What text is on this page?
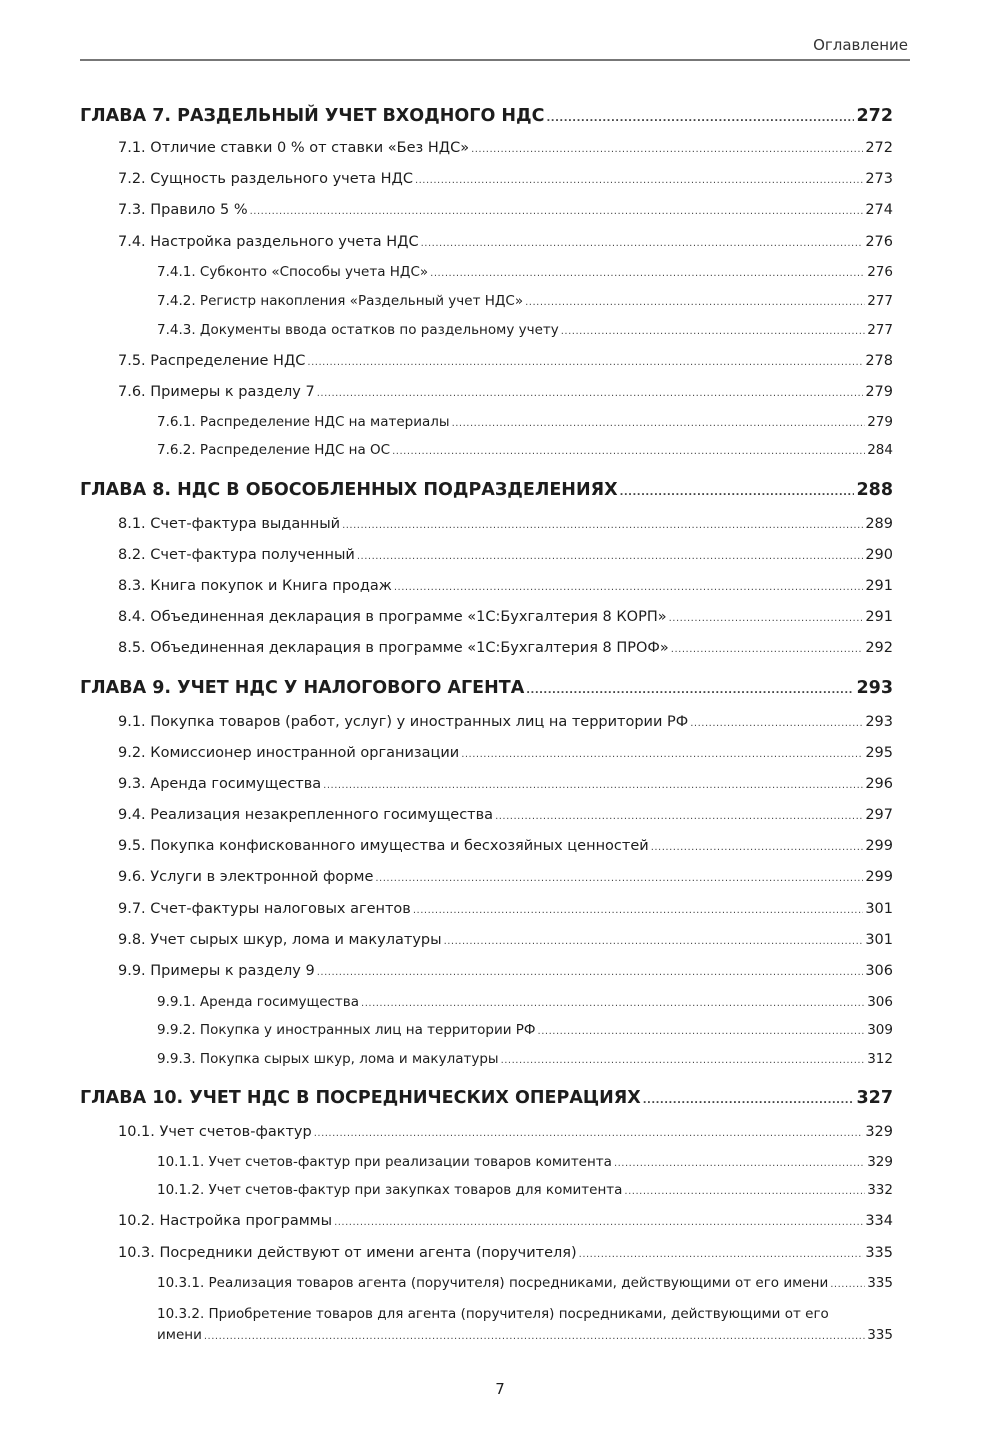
Оглавление
ГЛАВА 7. РАЗДЕЛЬНЫЙ УЧЕТ ВХОДНОГО НДС .....	272
7.1. Отличие ставки 0 % от ставки «Без НДС» .....	272
7.2. Сущность раздельного учета НДС .....	273
7.3. Правило 5 % .....	274
7.4. Настройка раздельного учета НДС .....	276
7.4.1. Субконто «Способы учета НДС» .....	276
7.4.2. Регистр накопления «Раздельный учет НДС» .....	277
7.4.3. Документы ввода остатков по раздельному учету .....	277
7.5. Распределение НДС .....	278
7.6. Примеры к разделу 7 .....	279
7.6.1. Распределение НДС на материалы .....	279
7.6.2. Распределение НДС на ОС .....	284
ГЛАВА 8. НДС В ОБОСОБЛЕННЫХ ПОДРАЗДЕЛЕНИЯХ .....	288
8.1. Счет-фактура выданный .....	289
8.2. Счет-фактура полученный .....	290
8.3. Книга покупок и Книга продаж .....	291
8.4. Объединенная декларация в программе «1С:Бухгалтерия 8 КОРП» .....	291
8.5. Объединенная декларация в программе «1С:Бухгалтерия 8 ПРОФ» .....	292
ГЛАВА 9. УЧЕТ НДС У НАЛОГОВОГО АГЕНТА .....	293
9.1. Покупка товаров (работ, услуг) у иностранных лиц на территории РФ .....	293
9.2. Комиссионер иностранной организации .....	295
9.3. Аренда госимущества .....	296
9.4. Реализация незакрепленного госимущества .....	297
9.5. Покупка конфискованного имущества и бесхозяйных ценностей .....	299
9.6. Услуги в электронной форме .....	299
9.7. Счет-фактуры налоговых агентов .....	301
9.8. Учет сырых шкур, лома и макулатуры .....	301
9.9. Примеры к разделу 9 .....	306
9.9.1. Аренда госимущества .....	306
9.9.2. Покупка у иностранных лиц на территории РФ .....	309
9.9.3. Покупка сырых шкур, лома и макулатуры .....	312
ГЛАВА 10. УЧЕТ НДС В ПОСРЕДНИЧЕСКИХ ОПЕРАЦИЯХ .....	327
10.1. Учет счетов-фактур .....	329
10.1.1. Учет счетов-фактур при реализации товаров комитента .....	329
10.1.2. Учет счетов-фактур при закупках товаров для комитента .....	332
10.2. Настройка программы .....	334
10.3. Посредники действуют от имени агента (поручителя) .....	335
10.3.1. Реализация товаров агента (поручителя) посредниками, действующими от его имени .....	335
10.3.2. Приобретение товаров для агента (поручителя) посредниками, действующими от его
имени .....	335
7
